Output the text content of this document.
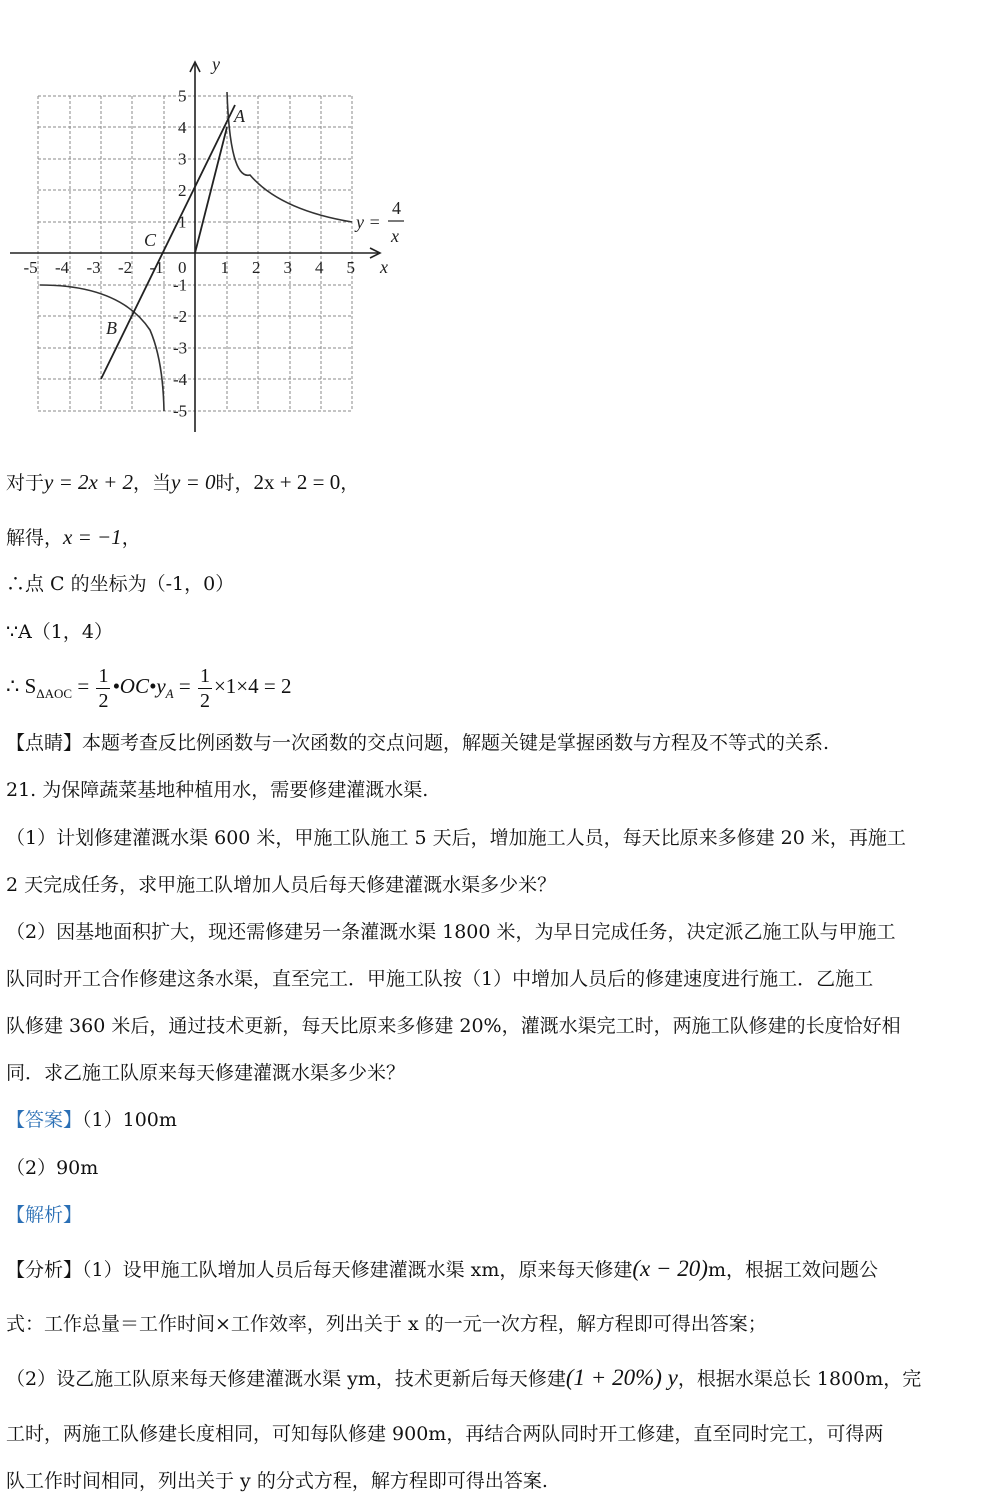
y
x
A
B
C
y =
4
x
-5 -4 -3 -2 -1 0 1 2 3 4 5
1
2
3
4
5
-1
-2
-3
-4
-5
对于y = 2x + 2，当y = 0时，2x + 2 = 0，
解得，x = −1，
∴点 C 的坐标为（-1，0）
∵A（1，4）
∴ $S_{\Delta AOC} = \frac{1}{2}$ $•OC•y_A = \frac{1}{2} \times 1\times 4 = 2$
【点睛】本题考查反比例函数与一次函数的交点问题，解题关键是掌握函数与方程及不等式的关系.
21. 为保障蔬菜基地种植用水，需要修建灌溉水渠.
（1）计划修建灌溉水渠 600 米，甲施工队施工 5 天后，增加施工人员，每天比原来多修建 20 米，再施工
2 天完成任务，求甲施工队增加人员后每天修建灌溉水渠多少米？
（2）因基地面积扩大，现还需修建另一条灌溉水渠 1800 米，为早日完成任务，决定派乙施工队与甲施工
队同时开工合作修建这条水渠，直至完工．甲施工队按（1）中增加人员后的修建速度进行施工．乙施工
队修建 360 米后，通过技术更新，每天比原来多修建 20%，灌溉水渠完工时，两施工队修建的长度恰好相
同．求乙施工队原来每天修建灌溉水渠多少米？
【答案】（1）100m
（2）90m
【解析】
【分析】（1）设甲施工队增加人员后每天修建灌溉水渠 xm，原来每天修建(x − 20)m，根据工效问题公
式：工作总量＝工作时间×工作效率，列出关于 x 的一元一次方程，解方程即可得出答案；
（2）设乙施工队原来每天修建灌溉水渠 ym，技术更新后每天修建(1 + 20%) y，根据水渠总长 1800m，完
工时，两施工队修建长度相同，可知每队修建 900m，再结合两队同时开工修建，直至同时完工，可得两
队工作时间相同，列出关于 y 的分式方程，解方程即可得出答案.
